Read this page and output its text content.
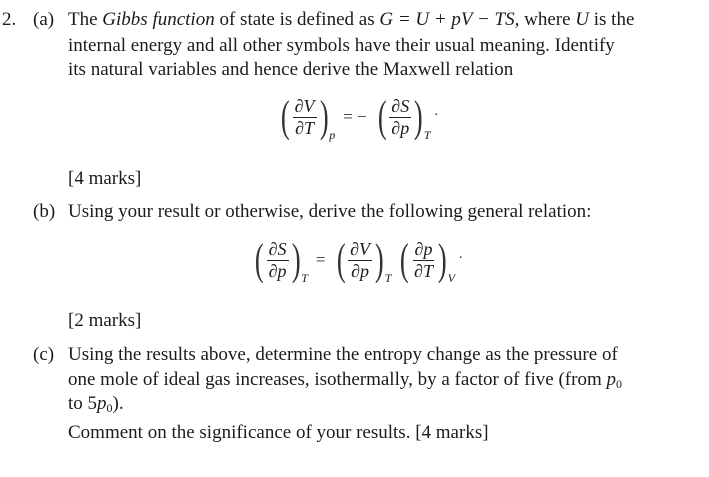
2. (a) The Gibbs function of state is defined as G = U + pV − TS, where U is the
internal energy and all other symbols have their usual meaning. Identify
its natural variables and hence derive the Maxwell relation
( $\frac{\partial V}{\partial T}$ ) p
= − ( $\frac{\partial S}{\partial p}$ ) T
.
[4 marks]
(b) Using your result or otherwise, derive the following general relation:
( $\frac{\partial S}{\partial p}$ ) T
= ( $\frac{\partial V}{\partial p}$ ) T ( $\frac{\partial p}{\partial T}$ ) V
.
[2 marks]
(c) Using the results above, determine the entropy change as the pressure of
one mole of ideal gas increases, isothermally, by a factor of five (from $p_0$
to $5p_0$).
Comment on the significance of your results. [4 marks]
